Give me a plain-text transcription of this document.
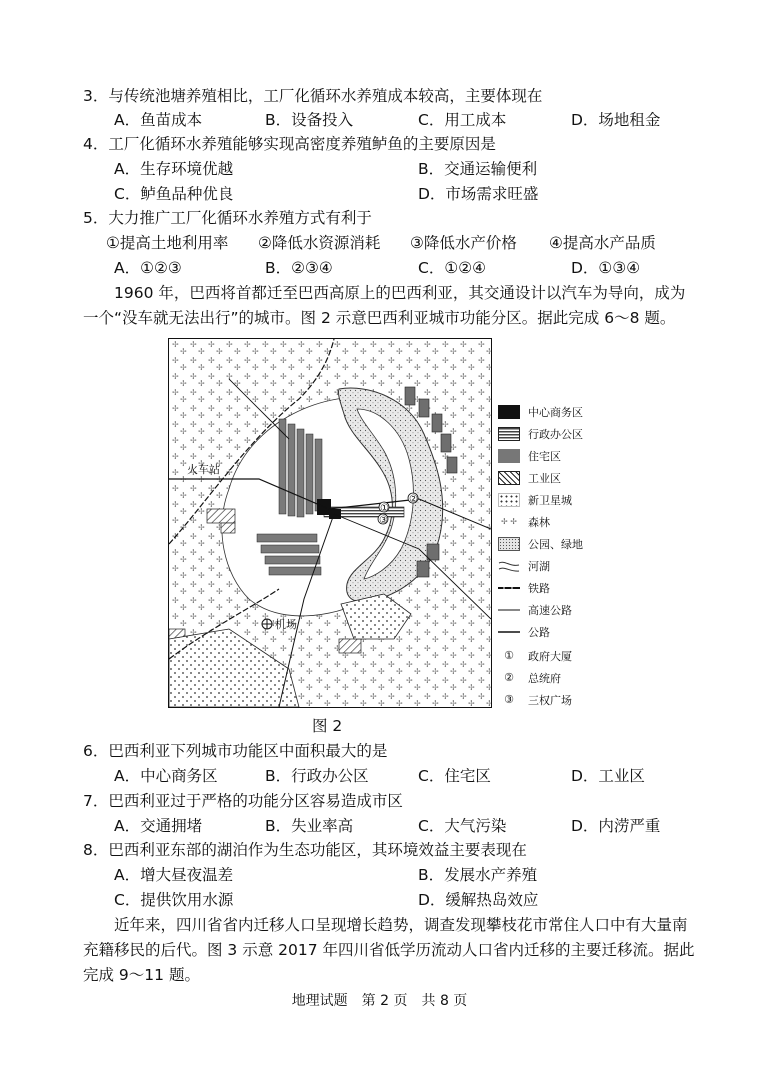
3．与传统池塘养殖相比，工厂化循环水养殖成本较高，主要体现在
A．鱼苗成本	B．设备投入	C．用工成本	D．场地租金
4．工厂化循环水养殖能够实现高密度养殖鲈鱼的主要原因是
A．生存环境优越	B．交通运输便利
C．鲈鱼品种优良	D．市场需求旺盛
5．大力推广工厂化循环水养殖方式有利于
①提高土地利用率 ②降低水资源消耗 ③降低水产价格 ④提高水产品质
A．①②③	B．②③④	C．①②④	D．①③④
1960 年，巴西将首都迁至巴西高原上的巴西利亚，其交通设计以汽车为导向，成为
一个“没车就无法出行”的城市。图 2 示意巴西利亚城市功能分区。据此完成 6～8 题。
②
①
③
火车站
机场
中心商务区
行政办公区
住宅区
工业区
新卫星城
✢ ✢ 森林
公园、绿地
河湖
铁路
高速公路
公路
①	政府大厦
②	总统府
③	三权广场
图 2
6．巴西利亚下列城市功能区中面积最大的是
A．中心商务区	B．行政办公区	C．住宅区	D．工业区
7．巴西利亚过于严格的功能分区容易造成市区
A．交通拥堵	B．失业率高	C．大气污染	D．内涝严重
8．巴西利亚东部的湖泊作为生态功能区，其环境效益主要表现在
A．增大昼夜温差	B．发展水产养殖
C．提供饮用水源	D．缓解热岛效应
近年来，四川省省内迁移人口呈现增长趋势，调查发现攀枝花市常住人口中有大量南
充籍移民的后代。图 3 示意 2017 年四川省低学历流动人口省内迁移的主要迁移流。据此
完成 9～11 题。
地理试题　第 2 页　共 8 页
